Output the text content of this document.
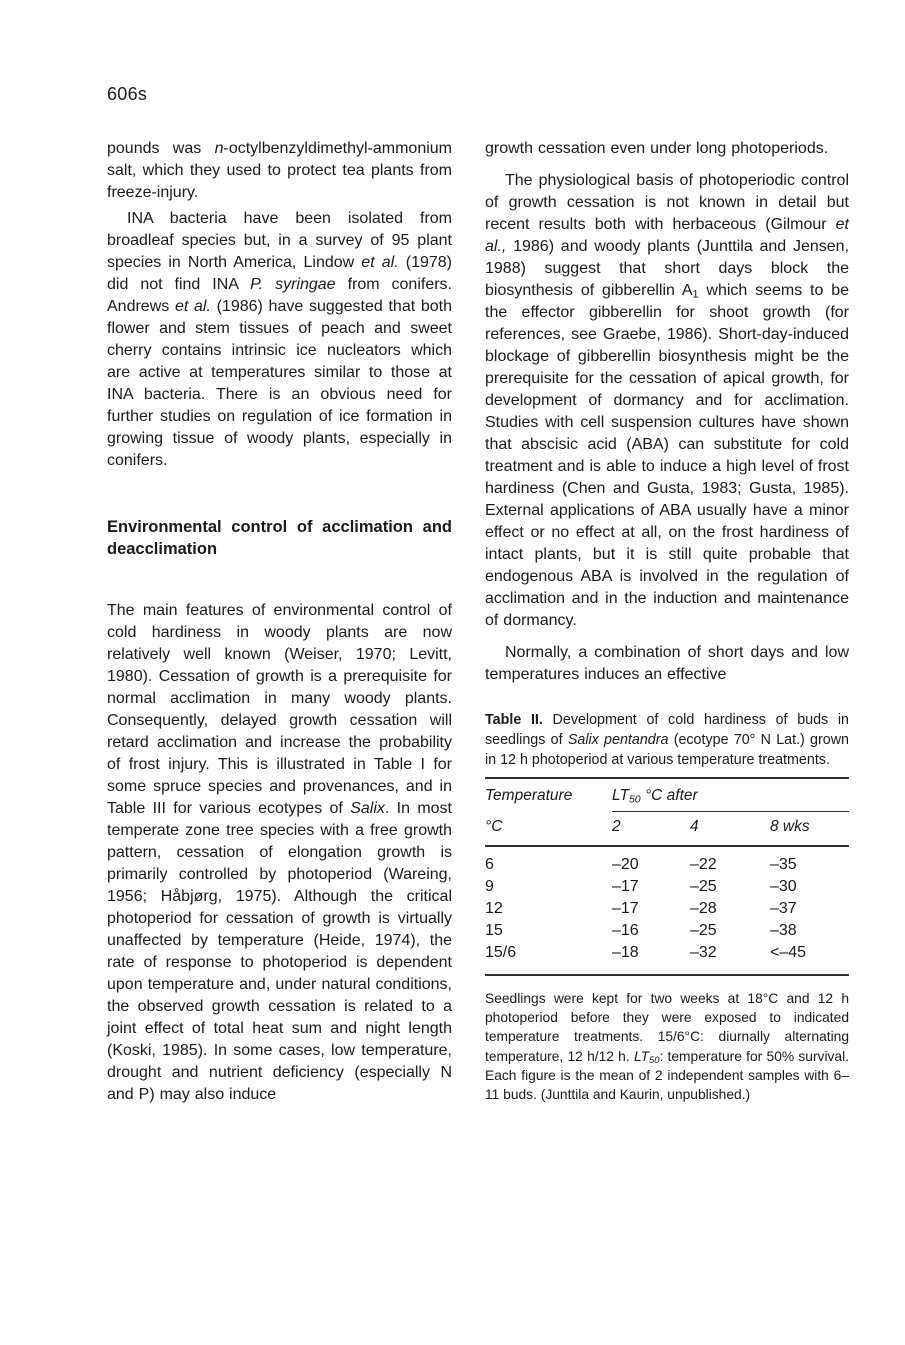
606s

pounds was n-octylbenzyldimethyl-ammonium salt, which they used to protect tea plants from freeze-injury.

INA bacteria have been isolated from broadleaf species but, in a survey of 95 plant species in North America, Lindow et al. (1978) did not find INA P. syringae from conifers. Andrews et al. (1986) have suggested that both flower and stem tissues of peach and sweet cherry contains intrinsic ice nucleators which are active at temperatures similar to those at INA bacteria. There is an obvious need for further studies on regulation of ice formation in growing tissue of woody plants, especially in conifers.

Environmental control of acclimation and deacclimation

The main features of environmental control of cold hardiness in woody plants are now relatively well known (Weiser, 1970; Levitt, 1980). Cessation of growth is a prerequisite for normal acclimation in many woody plants. Consequently, delayed growth cessation will retard acclimation and increase the probability of frost injury. This is illustrated in Table I for some spruce species and provenances, and in Table III for various ecotypes of Salix. In most temperate zone tree species with a free growth pattern, cessation of elongation growth is primarily controlled by photoperiod (Wareing, 1956; Håbjørg, 1975). Although the critical photoperiod for cessation of growth is virtually unaffected by temperature (Heide, 1974), the rate of response to photoperiod is dependent upon temperature and, under natural conditions, the observed growth cessation is related to a joint effect of total heat sum and night length (Koski, 1985). In some cases, low temperature, drought and nutrient deficiency (especially N and P) may also induce

growth cessation even under long photoperiods.

The physiological basis of photoperiodic control of growth cessation is not known in detail but recent results both with herbaceous (Gilmour et al., 1986) and woody plants (Junttila and Jensen, 1988) suggest that short days block the biosynthesis of gibberellin $A_1$ which seems to be the effector gibberellin for shoot growth (for references, see Graebe, 1986). Short-day-induced blockage of gibberellin biosynthesis might be the prerequisite for the cessation of apical growth, for development of dormancy and for acclimation. Studies with cell suspension cultures have shown that abscisic acid (ABA) can substitute for cold treatment and is able to induce a high level of frost hardiness (Chen and Gusta, 1983; Gusta, 1985). External applications of ABA usually have a minor effect or no effect at all, on the frost hardiness of intact plants, but it is still quite probable that endogenous ABA is involved in the regulation of acclimation and in the induction and maintenance of dormancy.

Normally, a combination of short days and low temperatures induces an effective

Table II. Development of cold hardiness of buds in seedlings of Salix pentandra (ecotype 70° N Lat.) grown in 12 h photoperiod at various temperature treatments.

Temperature	$LT_{50}$ °C after
°C	2	4	8 wks
6	–20	–22	–35
9	–17	–25	–30
12	–17	–28	–37
15	–16	–25	–38
15/6	–18	–32	<–45

Seedlings were kept for two weeks at 18°C and 12 h photoperiod before they were exposed to indicated temperature treatments. 15/6°C: diurnally alternating temperature, 12 h/12 h. $LT_{50}$: temperature for 50% survival. Each figure is the mean of 2 independent samples with 6–11 buds. (Junttila and Kaurin, unpublished.)
